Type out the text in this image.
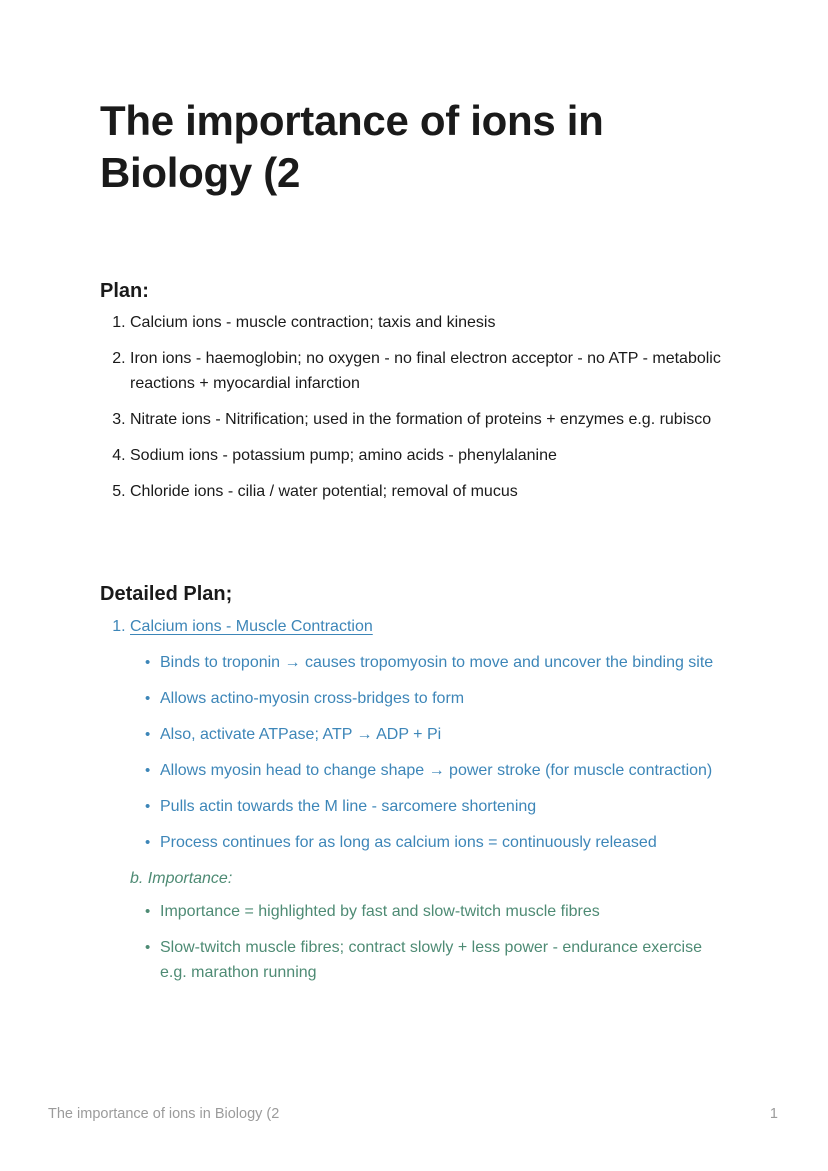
The importance of ions in Biology (2
Plan:
1. Calcium ions - muscle contraction; taxis and kinesis
2. Iron ions - haemoglobin; no oxygen - no final electron acceptor - no ATP - metabolic reactions + myocardial infarction
3. Nitrate ions - Nitrification; used in the formation of proteins + enzymes e.g. rubisco
4. Sodium ions - potassium pump; amino acids - phenylalanine
5. Chloride ions - cilia / water potential; removal of mucus
Detailed Plan;
1. Calcium ions - Muscle Contraction
• Binds to troponin → causes tropomyosin to move and uncover the binding site
• Allows actino-myosin cross-bridges to form
• Also, activate ATPase; ATP → ADP + Pi
• Allows myosin head to change shape → power stroke (for muscle contraction)
• Pulls actin towards the M line - sarcomere shortening
• Process continues for as long as calcium ions = continuously released

b. Importance:

• Importance = highlighted by fast and slow-twitch muscle fibres
• Slow-twitch muscle fibres; contract slowly + less power - endurance exercise e.g. marathon running
The importance of ions in Biology (2	1
